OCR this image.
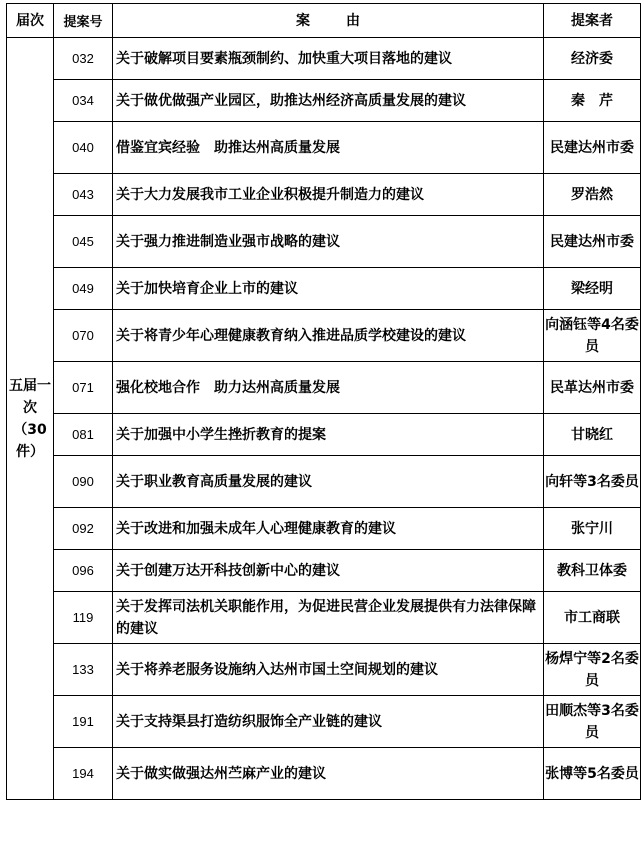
届次	提案号	案由	提案者

五届一次（30件）	032	关于破解项目要素瓶颈制约、加快重大项目落地的建议	经济委
	034	关于做优做强产业园区，助推达州经济高质量发展的建议	秦　芹
	040	借鉴宜宾经验　助推达州高质量发展	民建达州市委
	043	关于大力发展我市工业企业积极提升制造力的建议	罗浩然
	045	关于强力推进制造业强市战略的建议	民建达州市委
	049	关于加快培育企业上市的建议	梁经明
	070	关于将青少年心理健康教育纳入推进品质学校建设的建议	向涵钰等4名委员
	071	强化校地合作　助力达州高质量发展	民革达州市委
	081	关于加强中小学生挫折教育的提案	甘晓红
	090	关于职业教育高质量发展的建议	向轩等3名委员
	092	关于改进和加强未成年人心理健康教育的建议	张宁川
	096	关于创建万达开科技创新中心的建议	教科卫体委
	119	关于发挥司法机关职能作用，为促进民营企业发展提供有力法律保障的建议	市工商联
	133	关于将养老服务设施纳入达州市国土空间规划的建议	杨焊宁等2名委员
	191	关于支持渠县打造纺织服饰全产业链的建议	田顺杰等3名委员
	194	关于做实做强达州苎麻产业的建议	张博等5名委员
